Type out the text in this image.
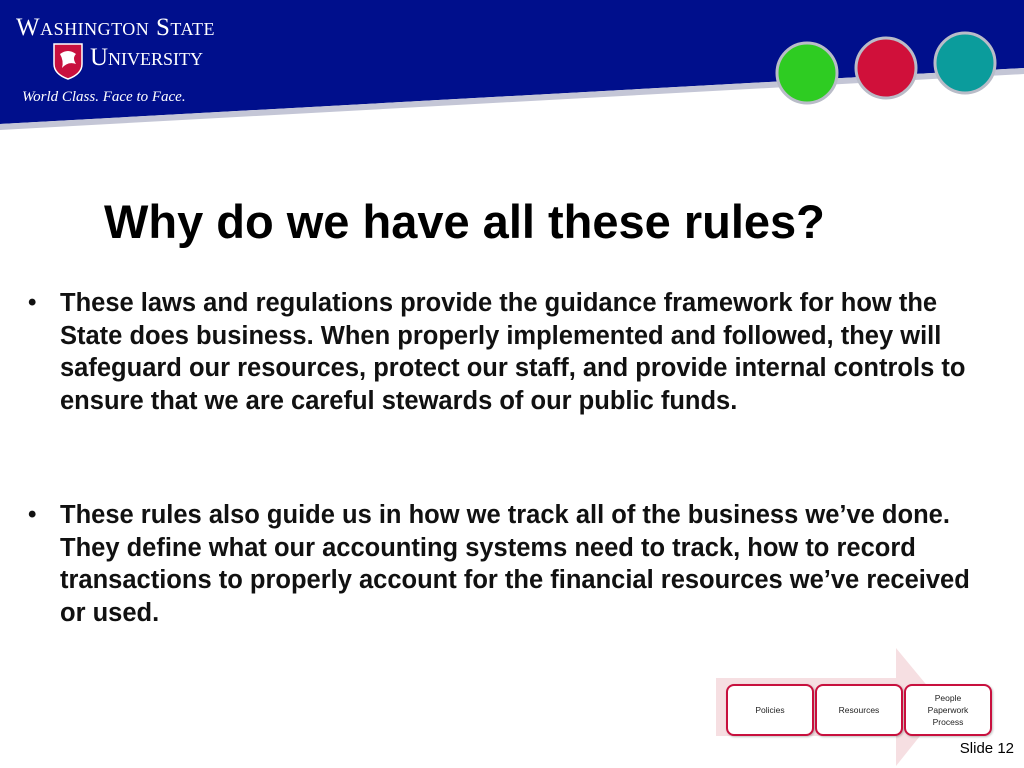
Washington State
University
World Class. Face to Face.
Why do we have all these rules?
• These laws and regulations provide the guidance framework for how the State does business. When properly implemented and followed, they will safeguard our resources, protect our staff, and provide internal controls to ensure that we are careful stewards of our public funds.
• These rules also guide us in how we track all of the business we’ve done. They define what our accounting systems need to track, how to record transactions to properly account for the financial resources we’ve received or used.
Policies	Resources
People
Paperwork
Process
Slide 12
